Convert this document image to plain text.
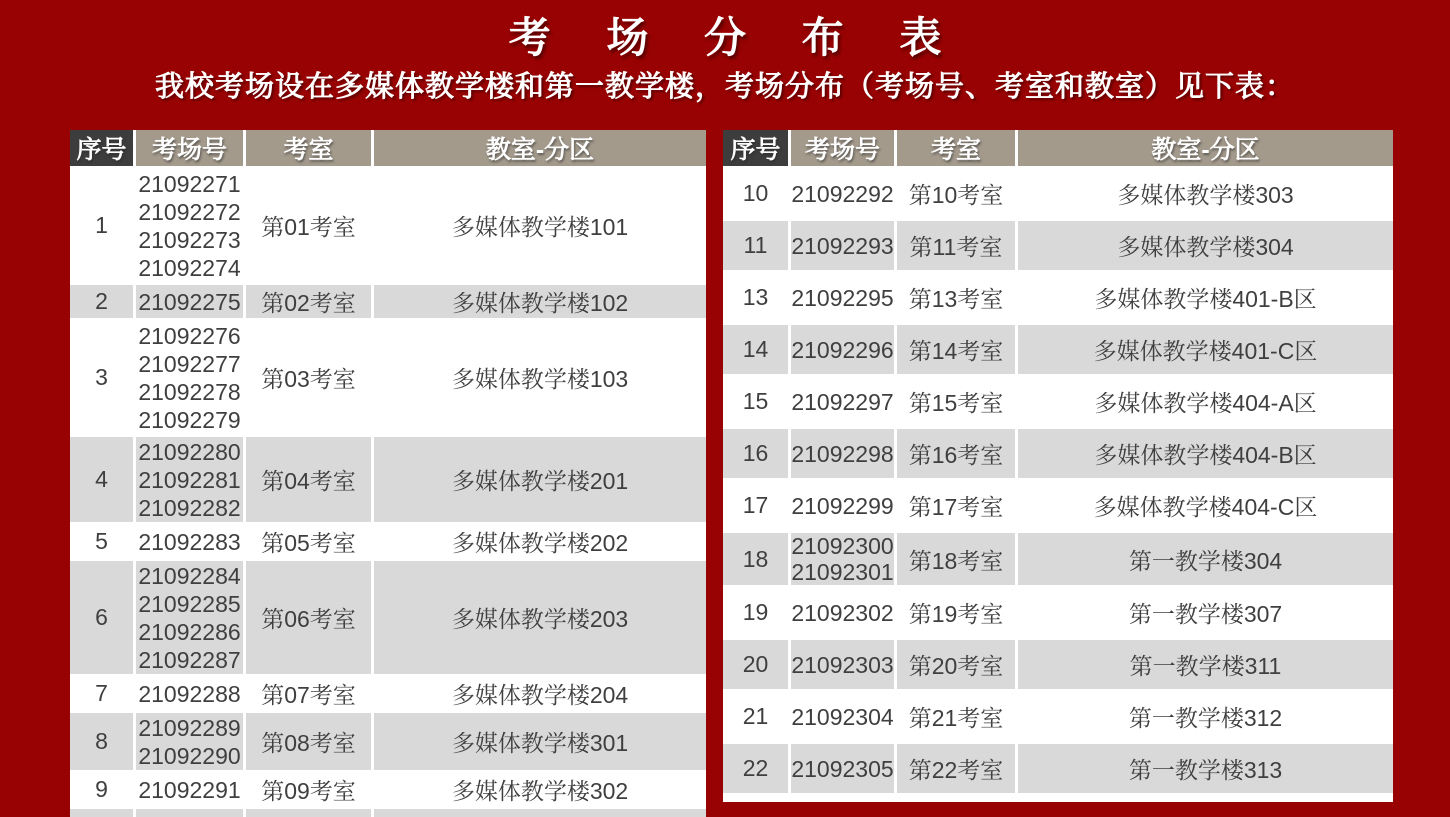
考 场 分 布 表
我校考场设在多媒体教学楼和第一教学楼，考场分布（考场号、考室和教室）见下表：
序号	考场号	考室	教室-分区
1	21092271
21092272
21092273
21092274	第01考室	多媒体教学楼101
2	21092275	第02考室	多媒体教学楼102
3	21092276
21092277
21092278
21092279	第03考室	多媒体教学楼103
4	21092280
21092281
21092282	第04考室	多媒体教学楼201
5	21092283	第05考室	多媒体教学楼202
6	21092284
21092285
21092286
21092287	第06考室	多媒体教学楼203
7	21092288	第07考室	多媒体教学楼204
8	21092289
21092290	第08考室	多媒体教学楼301
9	21092291	第09考室	多媒体教学楼302

序号	考场号	考室	教室-分区
10	21092292	第10考室	多媒体教学楼303
11	21092293	第11考室	多媒体教学楼304
13	21092295	第13考室	多媒体教学楼401-B区
14	21092296	第14考室	多媒体教学楼401-C区
15	21092297	第15考室	多媒体教学楼404-A区
16	21092298	第16考室	多媒体教学楼404-B区
17	21092299	第17考室	多媒体教学楼404-C区
18	21092300
21092301	第18考室	第一教学楼304
19	21092302	第19考室	第一教学楼307
20	21092303	第20考室	第一教学楼311
21	21092304	第21考室	第一教学楼312
22	21092305	第22考室	第一教学楼313
